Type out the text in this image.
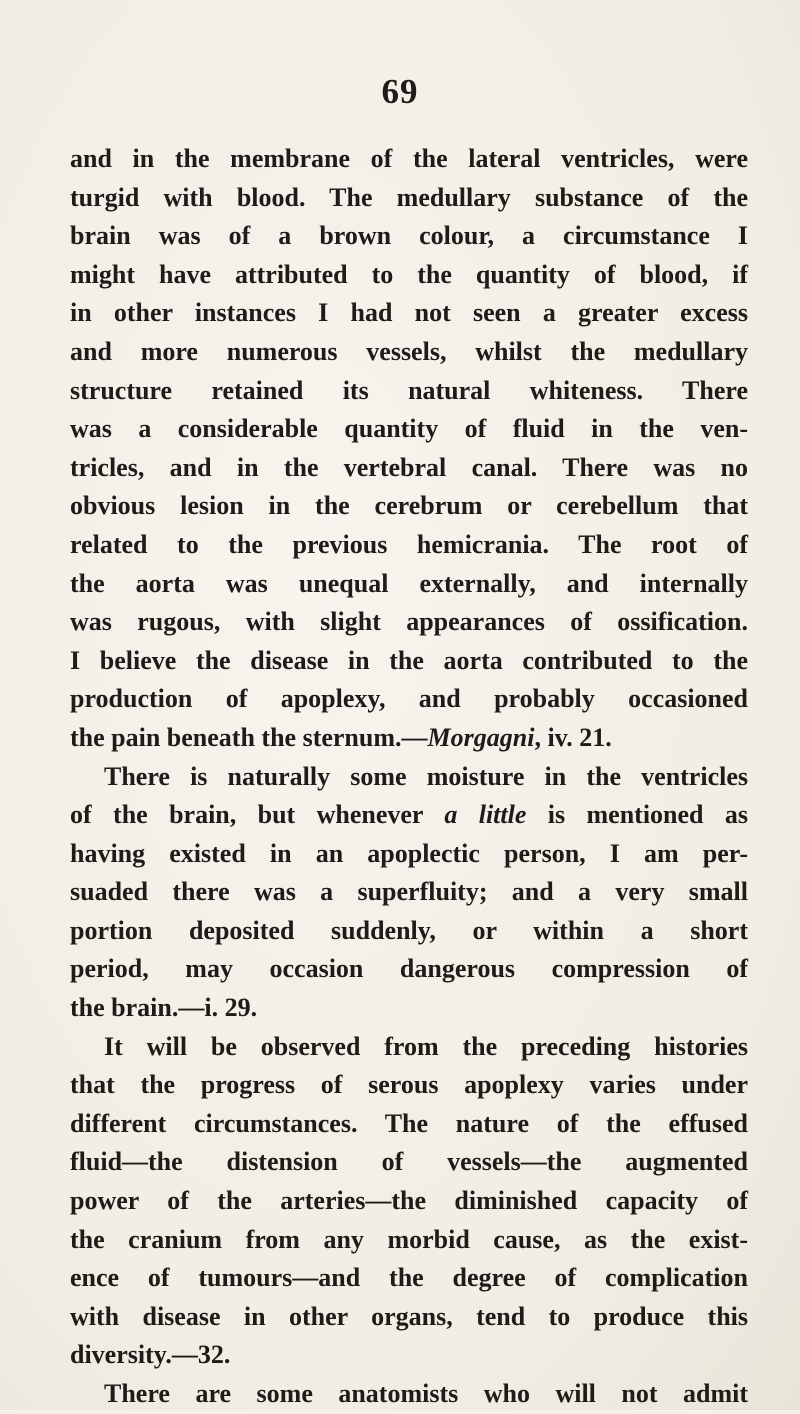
69
and in the membrane of the lateral ventricles, were
turgid with blood. The medullary substance of the
brain was of a brown colour, a circumstance I
might have attributed to the quantity of blood, if
in other instances I had not seen a greater excess
and more numerous vessels, whilst the medullary
structure retained its natural whiteness. There
was a considerable quantity of fluid in the ven-
tricles, and in the vertebral canal. There was no
obvious lesion in the cerebrum or cerebellum that
related to the previous hemicrania. The root of
the aorta was unequal externally, and internally
was rugous, with slight appearances of ossification.
I believe the disease in the aorta contributed to the
production of apoplexy, and probably occasioned
the pain beneath the sternum.—Morgagni, iv. 21.
There is naturally some moisture in the ventricles
of the brain, but whenever a little is mentioned as
having existed in an apoplectic person, I am per-
suaded there was a superfluity; and a very small
portion deposited suddenly, or within a short
period, may occasion dangerous compression of
the brain.—i. 29.
It will be observed from the preceding histories
that the progress of serous apoplexy varies under
different circumstances. The nature of the effused
fluid—the distension of vessels—the augmented
power of the arteries—the diminished capacity of
the cranium from any morbid cause, as the exist-
ence of tumours—and the degree of complication
with disease in other organs, tend to produce this
diversity.—32.
There are some anatomists who will not admit
